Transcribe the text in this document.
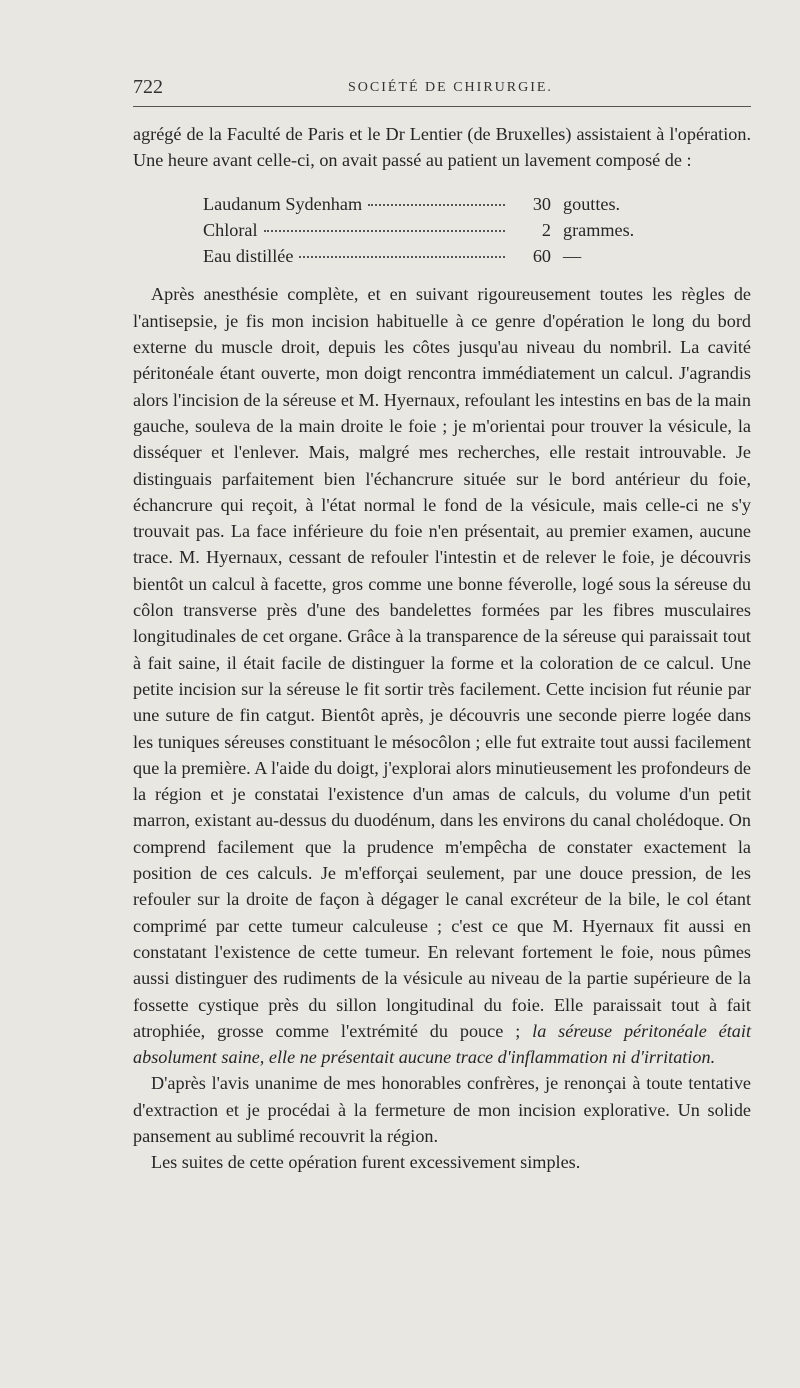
722	SOCIÉTÉ DE CHIRURGIE.

agrégé de la Faculté de Paris et le Dr Lentier (de Bruxelles) assistaient à l'opération. Une heure avant celle-ci, on avait passé au patient un lavement composé de :

Laudanum Sydenham	30 gouttes.
Chloral	2 grammes.
Eau distillée	60 —

Après anesthésie complète, et en suivant rigoureusement toutes les règles de l'antisepsie, je fis mon incision habituelle à ce genre d'opération le long du bord externe du muscle droit, depuis les côtes jusqu'au niveau du nombril. La cavité péritonéale étant ouverte, mon doigt rencontra immédiatement un calcul. J'agrandis alors l'incision de la séreuse et M. Hyernaux, refoulant les intestins en bas de la main gauche, souleva de la main droite le foie ; je m'orientai pour trouver la vésicule, la disséquer et l'enlever. Mais, malgré mes recherches, elle restait introuvable. Je distinguais parfaitement bien l'échancrure située sur le bord antérieur du foie, échancrure qui reçoit, à l'état normal le fond de la vésicule, mais celle-ci ne s'y trouvait pas. La face inférieure du foie n'en présentait, au premier examen, aucune trace. M. Hyernaux, cessant de refouler l'intestin et de relever le foie, je découvris bientôt un calcul à facette, gros comme une bonne féverolle, logé sous la séreuse du côlon transverse près d'une des bandelettes formées par les fibres musculaires longitudinales de cet organe. Grâce à la transparence de la séreuse qui paraissait tout à fait saine, il était facile de distinguer la forme et la coloration de ce calcul. Une petite incision sur la séreuse le fit sortir très facilement. Cette incision fut réunie par une suture de fin catgut. Bientôt après, je découvris une seconde pierre logée dans les tuniques séreuses constituant le mésocôlon ; elle fut extraite tout aussi facilement que la première. A l'aide du doigt, j'explorai alors minutieusement les profondeurs de la région et je constatai l'existence d'un amas de calculs, du volume d'un petit marron, existant au-dessus du duodénum, dans les environs du canal cholédoque. On comprend facilement que la prudence m'empêcha de constater exactement la position de ces calculs. Je m'efforçai seulement, par une douce pression, de les refouler sur la droite de façon à dégager le canal excréteur de la bile, le col étant comprimé par cette tumeur calculeuse ; c'est ce que M. Hyernaux fit aussi en constatant l'existence de cette tumeur. En relevant fortement le foie, nous pûmes aussi distinguer des rudiments de la vésicule au niveau de la partie supérieure de la fossette cystique près du sillon longitudinal du foie. Elle paraissait tout à fait atrophiée, grosse comme l'extrémité du pouce ; la séreuse péritonéale était absolument saine, elle ne présentait aucune trace d'inflammation ni d'irritation.

D'après l'avis unanime de mes honorables confrères, je renonçai à toute tentative d'extraction et je procédai à la fermeture de mon incision explorative. Un solide pansement au sublimé recouvrit la région.

Les suites de cette opération furent excessivement simples.
